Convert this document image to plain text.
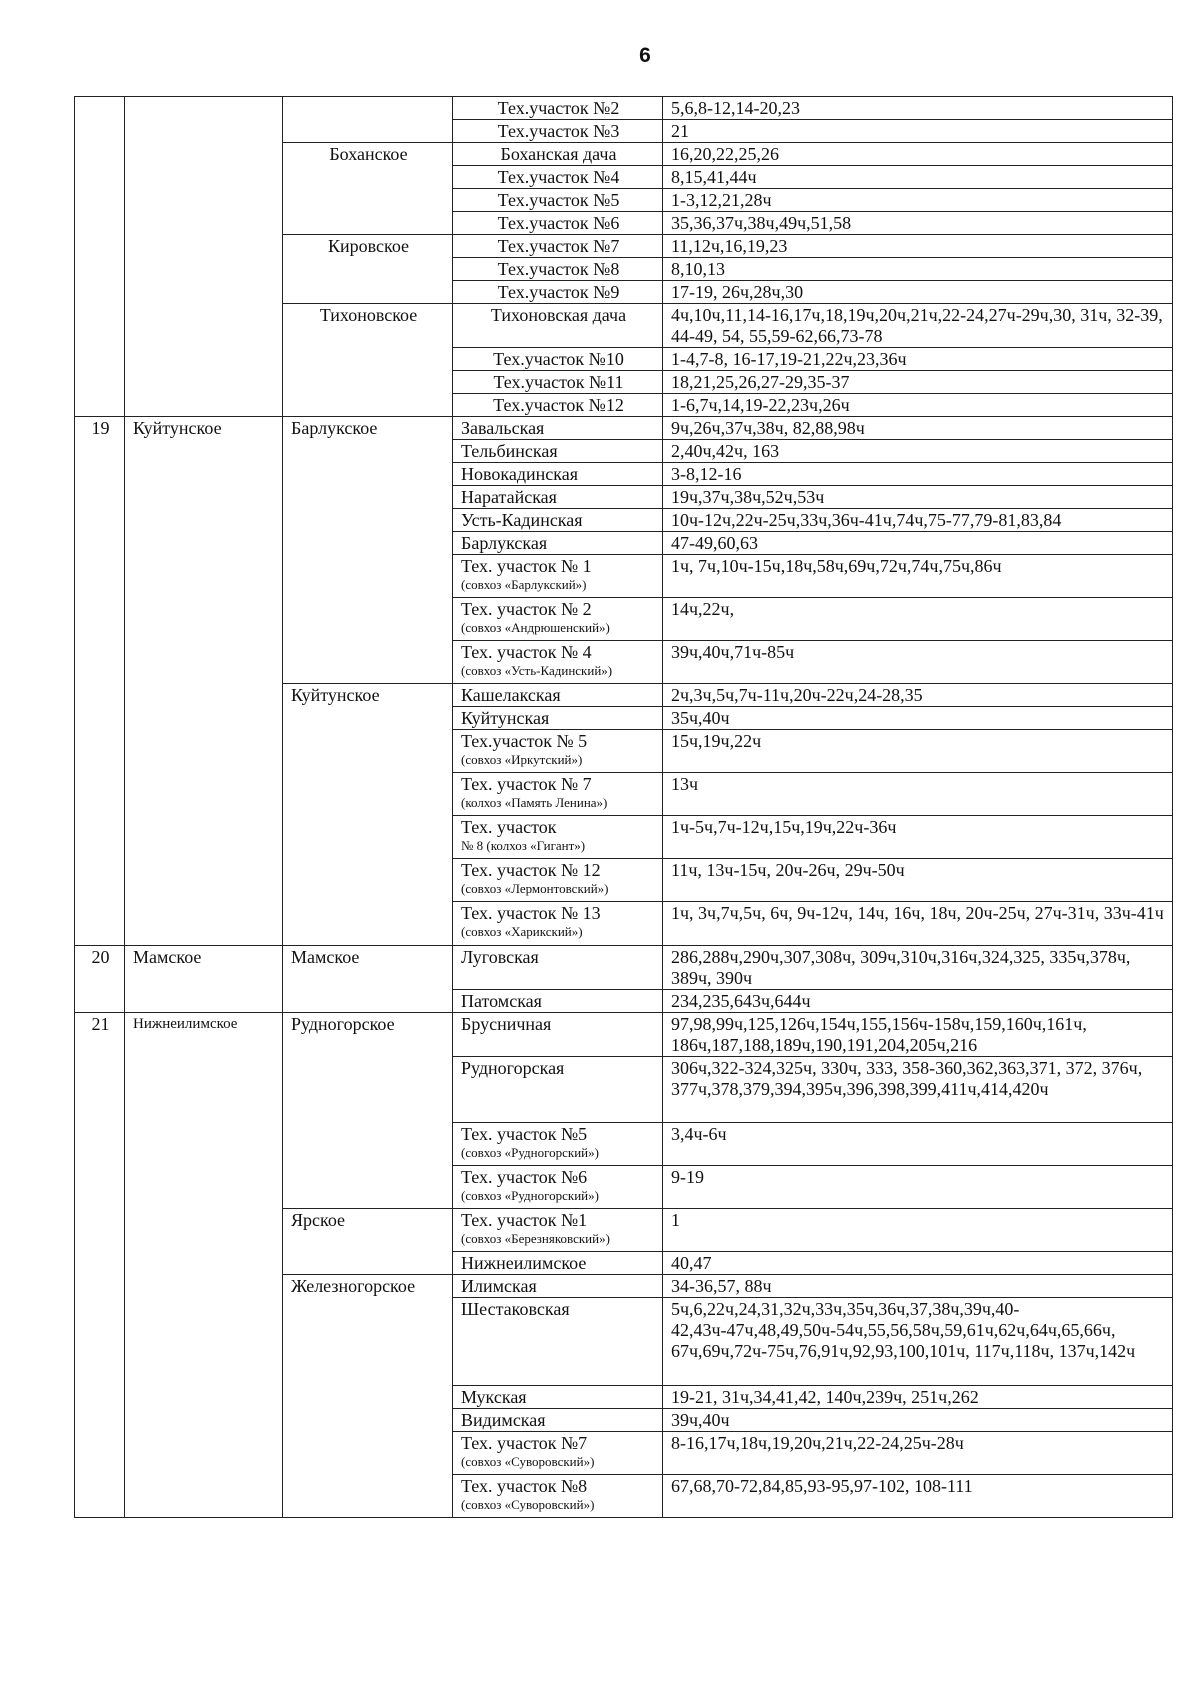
6
			Тех.участок №2	5,6,8-12,14-20,23
			Тех.участок №3	21
		Боханское	Боханская дача	16,20,22,25,26
			Тех.участок №4	8,15,41,44ч
			Тех.участок №5	1-3,12,21,28ч
			Тех.участок №6	35,36,37ч,38ч,49ч,51,58
		Кировское	Тех.участок №7	11,12ч,16,19,23
			Тех.участок №8	8,10,13
			Тех.участок №9	17-19, 26ч,28ч,30
		Тихоновское	Тихоновская дача	4ч,10ч,11,14-16,17ч,18,19ч,20ч,21ч,22-24,27ч-29ч,30, 31ч, 32-39, 44-49, 54, 55,59-62,66,73-78
			Тех.участок №10	1-4,7-8, 16-17,19-21,22ч,23,36ч
			Тех.участок №11	18,21,25,26,27-29,35-37
			Тех.участок №12	1-6,7ч,14,19-22,23ч,26ч
19	Куйтунское	Барлукское	Завальская	9ч,26ч,37ч,38ч, 82,88,98ч
			Тельбинская	2,40ч,42ч, 163
			Новокадинская	3-8,12-16
			Наратайская	19ч,37ч,38ч,52ч,53ч
			Усть-Кадинская	10ч-12ч,22ч-25ч,33ч,36ч-41ч,74ч,75-77,79-81,83,84
			Барлукская	47-49,60,63

			Тех. участок № 1
(совхоз «Барлукский»)	1ч, 7ч,10ч-15ч,18ч,58ч,69ч,72ч,74ч,75ч,86ч

			Тех. участок № 2
(совхоз «Андрюшенский»)	14ч,22ч,

			Тех. участок № 4
(совхоз «Усть-Кадинский»)	39ч,40ч,71ч-85ч
		Куйтунское	Кашелакская	2ч,3ч,5ч,7ч-11ч,20ч-22ч,24-28,35
			Куйтунская	35ч,40ч

			Тех.участок № 5
(совхоз «Иркутский»)	15ч,19ч,22ч

			Тех. участок № 7
(колхоз «Память Ленина»)	13ч

			Тех. участок
№ 8 (колхоз «Гигант»)	1ч-5ч,7ч-12ч,15ч,19ч,22ч-36ч

			Тех. участок № 12
(совхоз «Лермонтовский»)	11ч, 13ч-15ч, 20ч-26ч, 29ч-50ч

			Тех. участок № 13
(совхоз «Харикский»)	1ч, 3ч,7ч,5ч, 6ч, 9ч-12ч, 14ч, 16ч, 18ч, 20ч-25ч, 27ч-31ч, 33ч-41ч
20	Мамское	Мамское	Луговская	286,288ч,290ч,307,308ч, 309ч,310ч,316ч,324,325, 335ч,378ч, 389ч, 390ч
			Патомская	234,235,643ч,644ч
21	Нижнеилимское	Рудногорское	Брусничная	97,98,99ч,125,126ч,154ч,155,156ч-158ч,159,160ч,161ч, 186ч,187,188,189ч,190,191,204,205ч,216
			Рудногорская	306ч,322-324,325ч, 330ч, 333, 358-360,362,363,371, 372, 376ч, 377ч,378,379,394,395ч,396,398,399,411ч,414,420ч

			Тех. участок №5
(совхоз «Рудногорский»)	3,4ч-6ч

			Тех. участок №6
(совхоз «Рудногорский»)	9-19
		Ярское	Тех. участок №1
(совхоз «Березняковский»)	1
			Нижнеилимское	40,47
		Железногорское	Илимская	34-36,57, 88ч
			Шестаковская	5ч,6,22ч,24,31,32ч,33ч,35ч,36ч,37,38ч,39ч,40-42,43ч-47ч,48,49,50ч-54ч,55,56,58ч,59,61ч,62ч,64ч,65,66ч, 67ч,69ч,72ч-75ч,76,91ч,92,93,100,101ч, 117ч,118ч, 137ч,142ч
			Мукская	19-21, 31ч,34,41,42, 140ч,239ч, 251ч,262
			Видимская	39ч,40ч

			Тех. участок №7
(совхоз «Суворовский»)	8-16,17ч,18ч,19,20ч,21ч,22-24,25ч-28ч

			Тех. участок №8
(совхоз «Суворовский»)	67,68,70-72,84,85,93-95,97-102, 108-111
